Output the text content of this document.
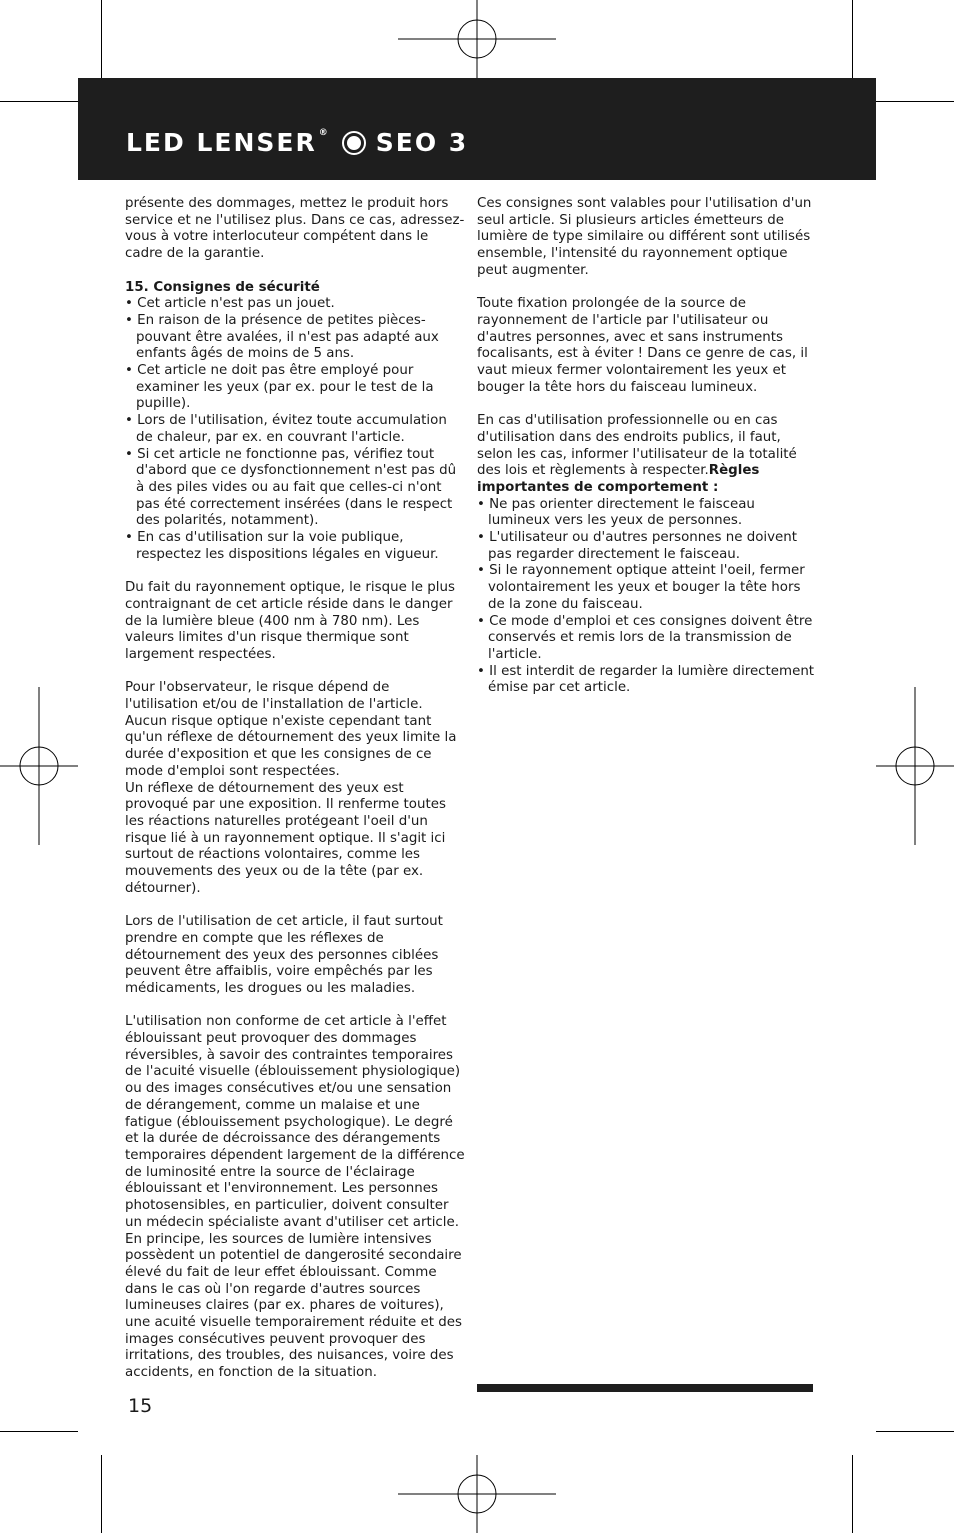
LED LENSER ® SEO 3

présente des dommages, mettez le produit hors service et ne l'utilisez plus. Dans ce cas, adressez-vous à votre interlocuteur compétent dans le cadre de la garantie.

15. Consignes de sécurité

• Cet article n'est pas un jouet.
• En raison de la présence de petites pièces-pouvant être avalées, il n'est pas adapté aux enfants âgés de moins de 5 ans.
• Cet article ne doit pas être employé pour examiner les yeux (par ex. pour le test de la pupille).
• Lors de l'utilisation, évitez toute accumulation de chaleur, par ex. en couvrant l'article.
• Si cet article ne fonctionne pas, vérifiez tout d'abord que ce dysfonctionnement n'est pas dû à des piles vides ou au fait que celles-ci n'ont pas été correctement insérées (dans le respect des polarités, notamment).
• En cas d'utilisation sur la voie publique, respectez les dispositions légales en vigueur.

Du fait du rayonnement optique, le risque le plus contraignant de cet article réside dans le danger de la lumière bleue (400 nm à 780 nm). Les valeurs limites d'un risque thermique sont largement respectées.

Pour l'observateur, le risque dépend de l'utilisation et/ou de l'installation de l'article. Aucun risque optique n'existe cependant tant qu'un réflexe de détournement des yeux limite la durée d'exposition et que les consignes de ce mode d'emploi sont respectées.

Un réflexe de détournement des yeux est provoqué par une exposition. Il renferme toutes les réactions naturelles protégeant l'oeil d'un risque lié à un rayonnement optique. Il s'agit ici surtout de réactions volontaires, comme les mouvements des yeux ou de la tête (par ex. détourner).

Lors de l'utilisation de cet article, il faut surtout prendre en compte que les réflexes de détournement des yeux des personnes ciblées peuvent être affaiblis, voire empêchés par les médicaments, les drogues ou les maladies.

L'utilisation non conforme de cet article à l'effet éblouissant peut provoquer des dommages réversibles, à savoir des contraintes temporaires de l'acuité visuelle (éblouissement physiologique) ou des images consécutives et/ou une sensation de dérangement, comme un malaise et une fatigue (éblouissement psychologique). Le degré et la durée de décroissance des dérangements temporaires dépendent largement de la différence de luminosité entre la source de l'éclairage éblouissant et l'environnement. Les personnes photosensibles, en particulier, doivent consulter un médecin spécialiste avant d'utiliser cet article. En principe, les sources de lumière intensives possèdent un potentiel de dangerosité secondaire élevé du fait de leur effet éblouissant. Comme dans le cas où l'on regarde d'autres sources lumineuses claires (par ex. phares de voitures), une acuité visuelle temporairement réduite et des images consécutives peuvent provoquer des irritations, des troubles, des nuisances, voire des accidents, en fonction de la situation.

Ces consignes sont valables pour l'utilisation d'un seul article. Si plusieurs articles émetteurs de lumière de type similaire ou différent sont utilisés ensemble, l'intensité du rayonnement optique peut augmenter.

Toute fixation prolongée de la source de rayonnement de l'article par l'utilisateur ou d'autres personnes, avec et sans instruments focalisants, est à éviter ! Dans ce genre de cas, il vaut mieux fermer volontairement les yeux et bouger la tête hors du faisceau lumineux.

En cas d'utilisation professionnelle ou en cas d'utilisation dans des endroits publics, il faut, selon les cas, informer l'utilisateur de la totalité des lois et règlements à respecter.Règles importantes de comportement :

• Ne pas orienter directement le faisceau lumineux vers les yeux de personnes.
• L'utilisateur ou d'autres personnes ne doivent pas regarder directement le faisceau.
• Si le rayonnement optique atteint l'oeil, fermer volontairement les yeux et bouger la tête hors de la zone du faisceau.
• Ce mode d'emploi et ces consignes doivent être conservés et remis lors de la transmission de l'article.
• Il est interdit de regarder la lumière directement émise par cet article.
15
